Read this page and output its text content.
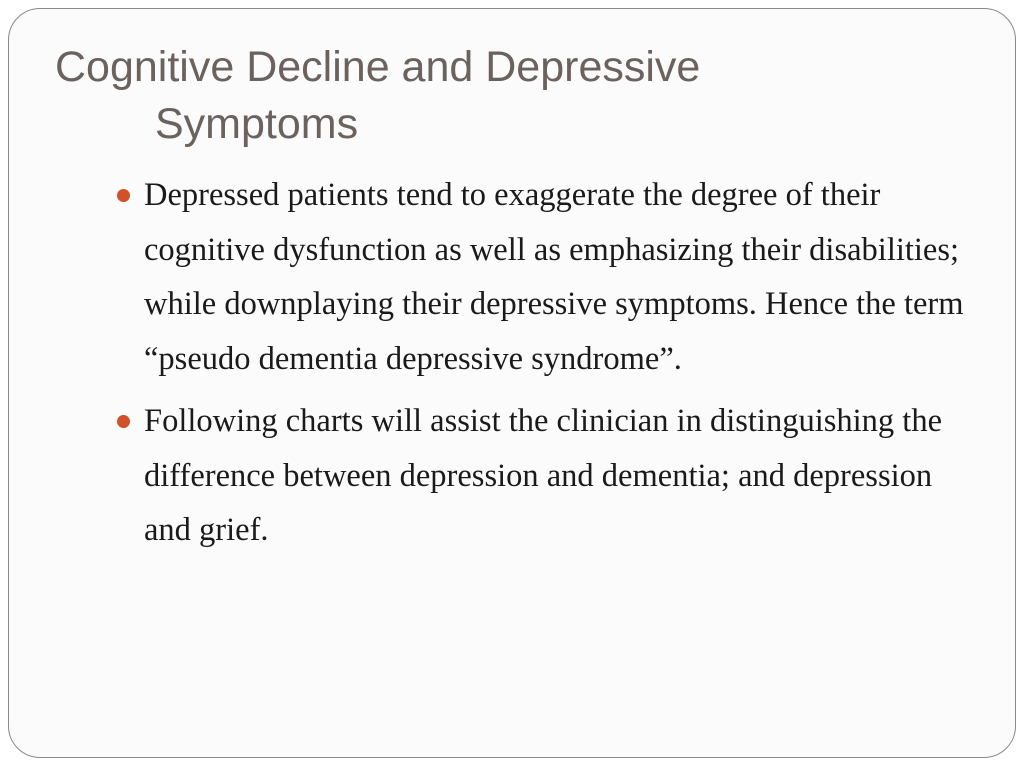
Cognitive Decline and Depressive
Symptoms
Depressed patients tend to exaggerate the degree of their cognitive dysfunction as well as emphasizing their disabilities; while downplaying their depressive symptoms. Hence the term “pseudo dementia depressive syndrome”.
Following charts will assist the clinician in distinguishing the difference between depression and dementia; and depression and grief.
